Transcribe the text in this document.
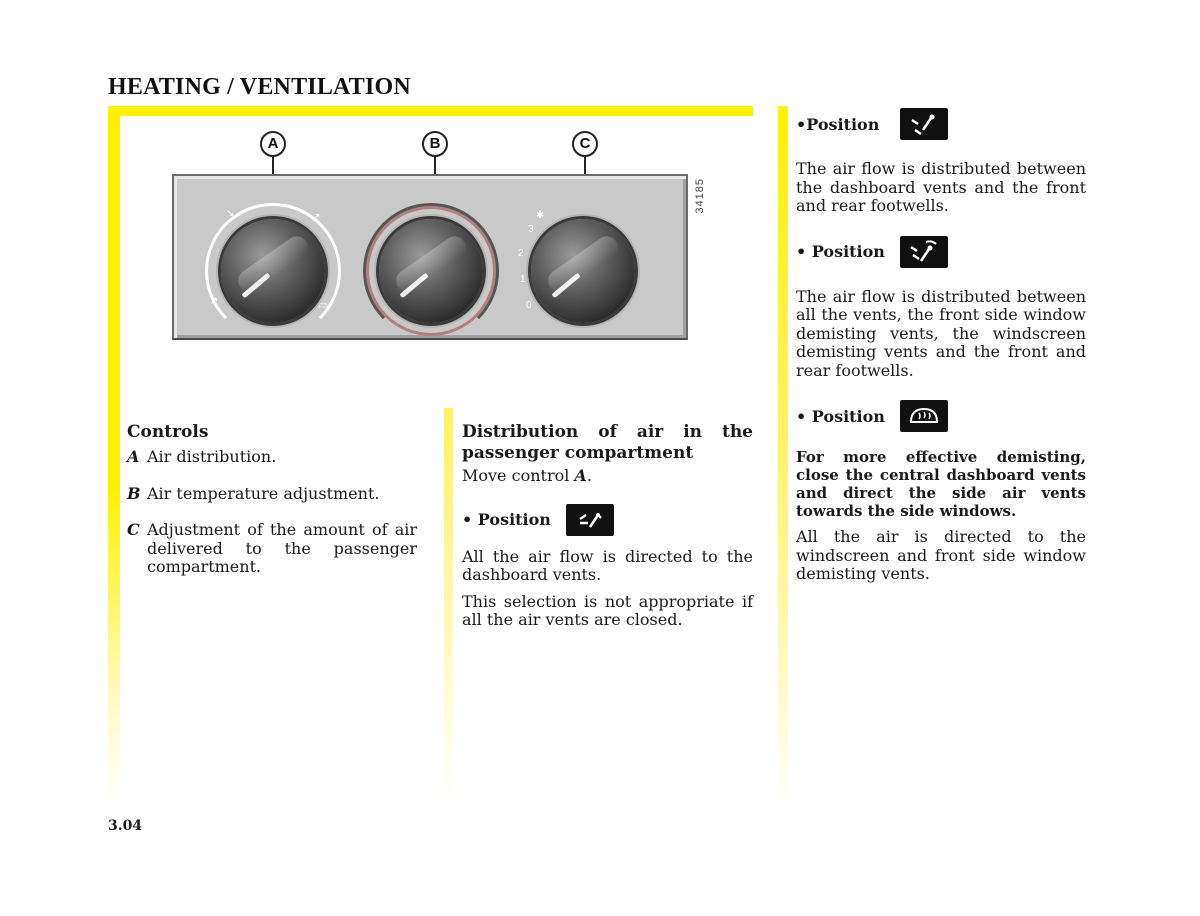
HEATING / VENTILATION
A	B	C
↘	↗
↗	▭	0
1
2
3
✱
34185
Controls
A Air distribution.
B Air temperature adjustment.
C Adjustment of the amount of air delivered to the passenger compartment.
Distribution of air in the passenger compartment
Move control A.
• Position
All the air flow is directed to the dashboard vents.
This selection is not appropriate if all the air vents are closed.
•Position
The air flow is distributed between the dashboard vents and the front and rear footwells.
• Position
The air flow is distributed between all the vents, the front side window demisting vents, the windscreen demisting vents and the front and rear footwells.
• Position
For more effective demisting, close the central dashboard vents and direct the side air vents towards the side windows.
All the air is directed to the windscreen and front side window demisting vents.
3.04
